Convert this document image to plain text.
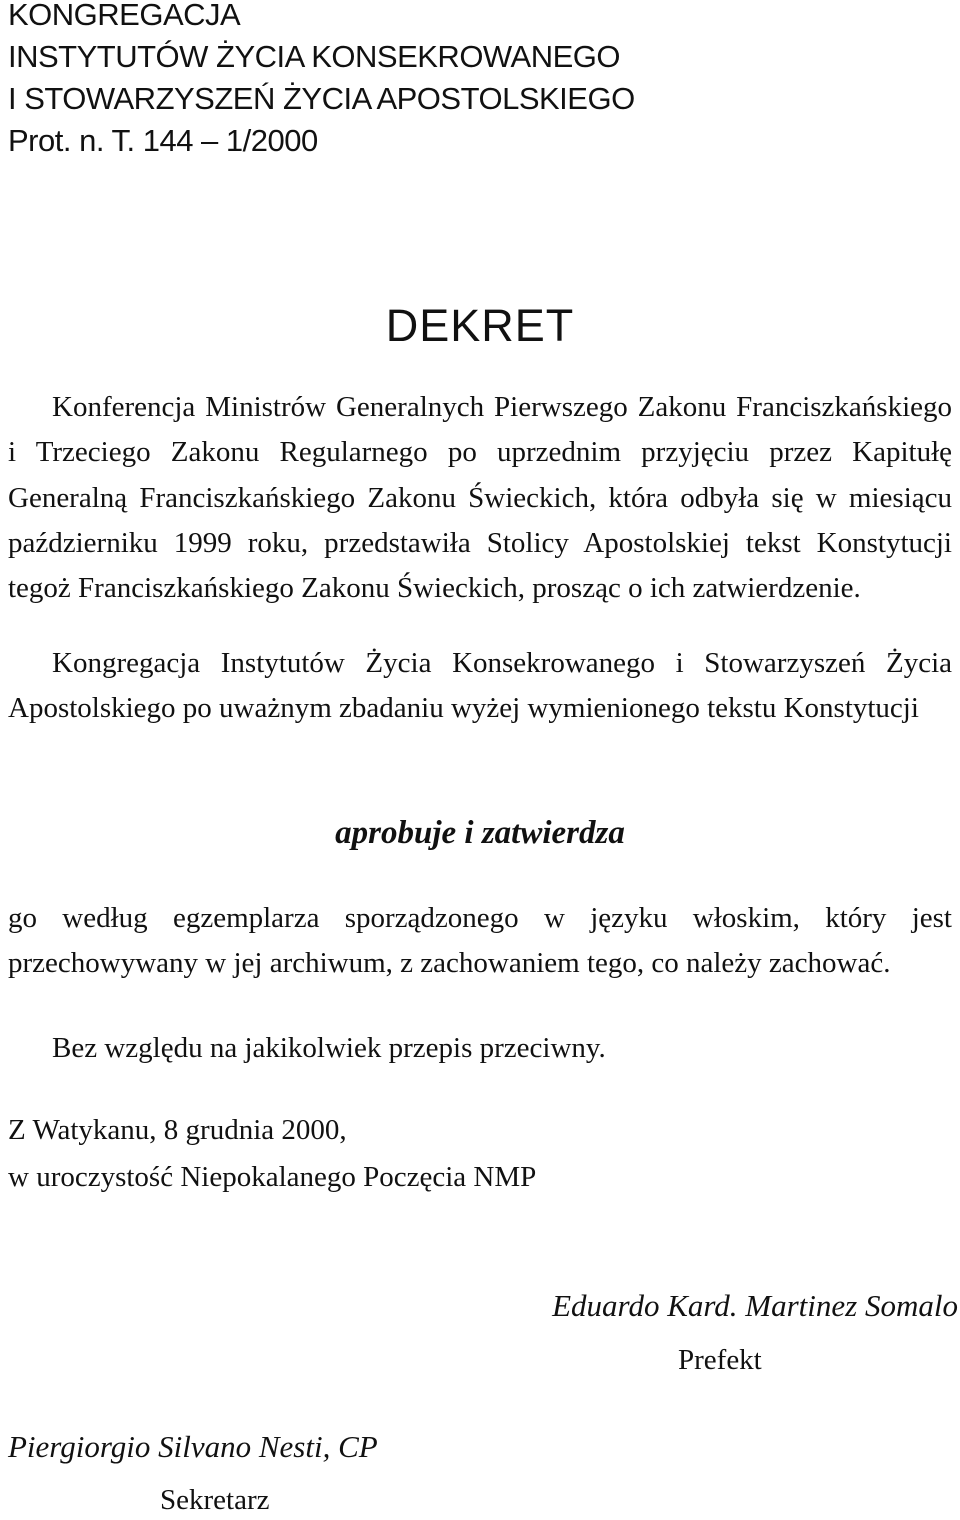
KONGREGACJA
INSTYTUTÓW ŻYCIA KONSEKROWANEGO
I STOWARZYSZEŃ ŻYCIA APOSTOLSKIEGO
Prot. n. T. 144 – 1/2000
DEKRET
Konferencja Ministrów Generalnych Pierwszego Zakonu Franciszkańskiego i Trzeciego Zakonu Regularnego po uprzednim przyjęciu przez Kapitułę Generalną Franciszkańskiego Zakonu Świeckich, która odbyła się w miesiącu październiku 1999 roku, przedstawiła Stolicy Apostolskiej tekst Konstytucji tegoż Franciszkańskiego Zakonu Świeckich, prosząc o ich zatwierdzenie.
Kongregacja Instytutów Życia Konsekrowanego i Stowarzyszeń Życia Apostolskiego po uważnym zbadaniu wyżej wymienionego tekstu Konstytucji
aprobuje i zatwierdza
go według egzemplarza sporządzonego w języku włoskim, który jest przechowywany w jej archiwum, z zachowaniem tego, co należy zachować.
Bez względu na jakikolwiek przepis przeciwny.
Z Watykanu, 8 grudnia 2000,
w uroczystość Niepokalanego Poczęcia NMP
Eduardo Kard. Martinez Somalo
Prefekt
Piergiorgio Silvano Nesti, CP
Sekretarz
